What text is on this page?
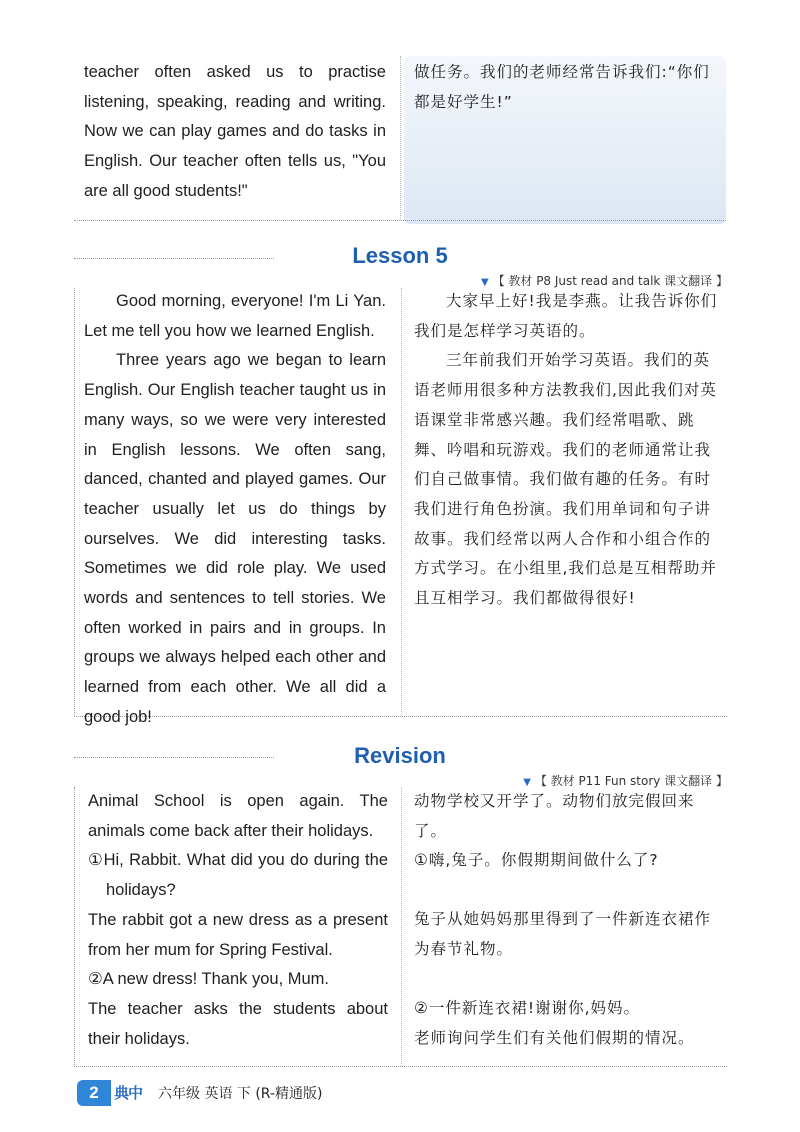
teacher often asked us to practise listening, speaking, reading and writing. Now we can play games and do tasks in English. Our teacher often tells us, "You are all good students!"

做任务。我们的老师经常告诉我们:“你们都是好学生!”

Lesson 5
▼ 【 教材 P8 Just read and talk 课文翻译 】

Good morning, everyone! I'm Li Yan. Let me tell you how we learned English.

Three years ago we began to learn English. Our English teacher taught us in many ways, so we were very interested in English lessons. We often sang, danced, chanted and played games. Our teacher usually let us do things by ourselves. We did interesting tasks. Sometimes we did role play. We used words and sentences to tell stories. We often worked in pairs and in groups. In groups we always helped each other and learned from each other. We all did a good job!

大家早上好!我是李燕。让我告诉你们我们是怎样学习英语的。

三年前我们开始学习英语。我们的英语老师用很多种方法教我们,因此我们对英语课堂非常感兴趣。我们经常唱歌、跳舞、吟唱和玩游戏。我们的老师通常让我们自己做事情。我们做有趣的任务。有时我们进行角色扮演。我们用单词和句子讲故事。我们经常以两人合作和小组合作的方式学习。在小组里,我们总是互相帮助并且互相学习。我们都做得很好!

Revision
▼ 【 教材 P11 Fun story 课文翻译 】

Animal School is open again. The animals come back after their holidays.

①Hi, Rabbit. What did you do during the holidays?

The rabbit got a new dress as a present from her mum for Spring Festival.

②A new dress! Thank you, Mum.

The teacher asks the students about their holidays.

动物学校又开学了。动物们放完假回来了。

①嗨,兔子。你假期期间做什么了?

兔子从她妈妈那里得到了一件新连衣裙作为春节礼物。

②一件新连衣裙!谢谢你,妈妈。

老师询问学生们有关他们假期的情况。

2	典中	六年级 英语 下 (R-精通版)
